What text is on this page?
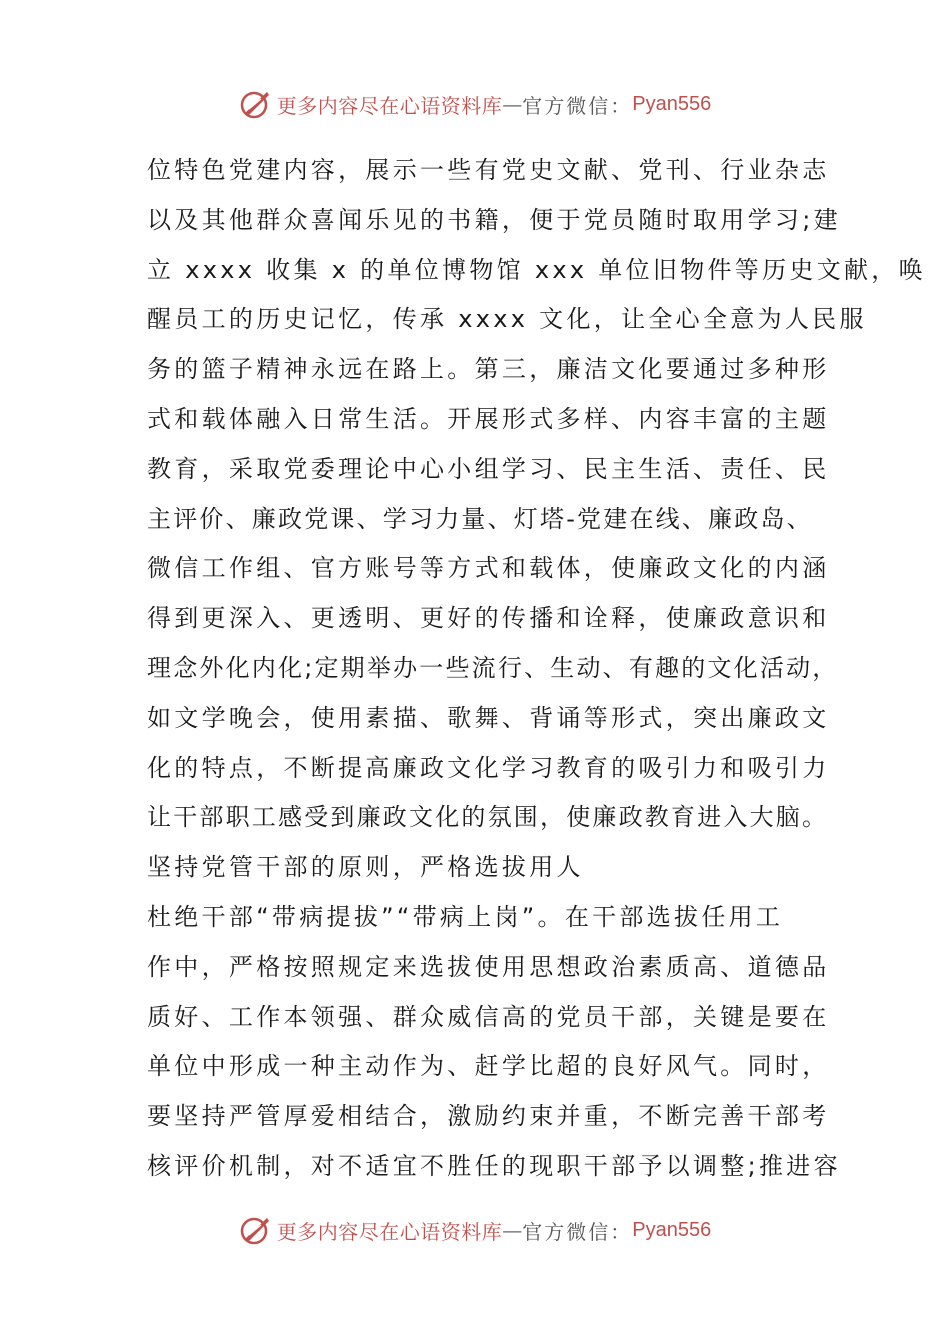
更多内容尽在心语资料库 — 官方微信： Pyan556
位特色党建内容，展示一些有党史文献、党刊、行业杂志
以及其他群众喜闻乐见的书籍，便于党员随时取用学习;建
立 xxxx 收集 x 的单位博物馆 xxx 单位旧物件等历史文献，唤
醒员工的历史记忆，传承 xxxx 文化，让全心全意为人民服
务的篮子精神永远在路上。第三，廉洁文化要通过多种形
式和载体融入日常生活。开展形式多样、内容丰富的主题
教育，采取党委理论中心小组学习、民主生活、责任、民
主评价、廉政党课、学习力量、灯塔-党建在线、廉政岛、
微信工作组、官方账号等方式和载体，使廉政文化的内涵
得到更深入、更透明、更好的传播和诠释，使廉政意识和
理念外化内化;定期举办一些流行、生动、有趣的文化活动，
如文学晚会，使用素描、歌舞、背诵等形式，突出廉政文
化的特点，不断提高廉政文化学习教育的吸引力和吸引力
让干部职工感受到廉政文化的氛围，使廉政教育进入大脑。
坚持党管干部的原则，严格选拔用人
杜绝干部“带病提拔”“带病上岗”。在干部选拔任用工
作中，严格按照规定来选拔使用思想政治素质高、道德品
质好、工作本领强、群众威信高的党员干部，关键是要在
单位中形成一种主动作为、赶学比超的良好风气。同时，
要坚持严管厚爱相结合，激励约束并重，不断完善干部考
核评价机制，对不适宜不胜任的现职干部予以调整;推进容
更多内容尽在心语资料库 — 官方微信： Pyan556
